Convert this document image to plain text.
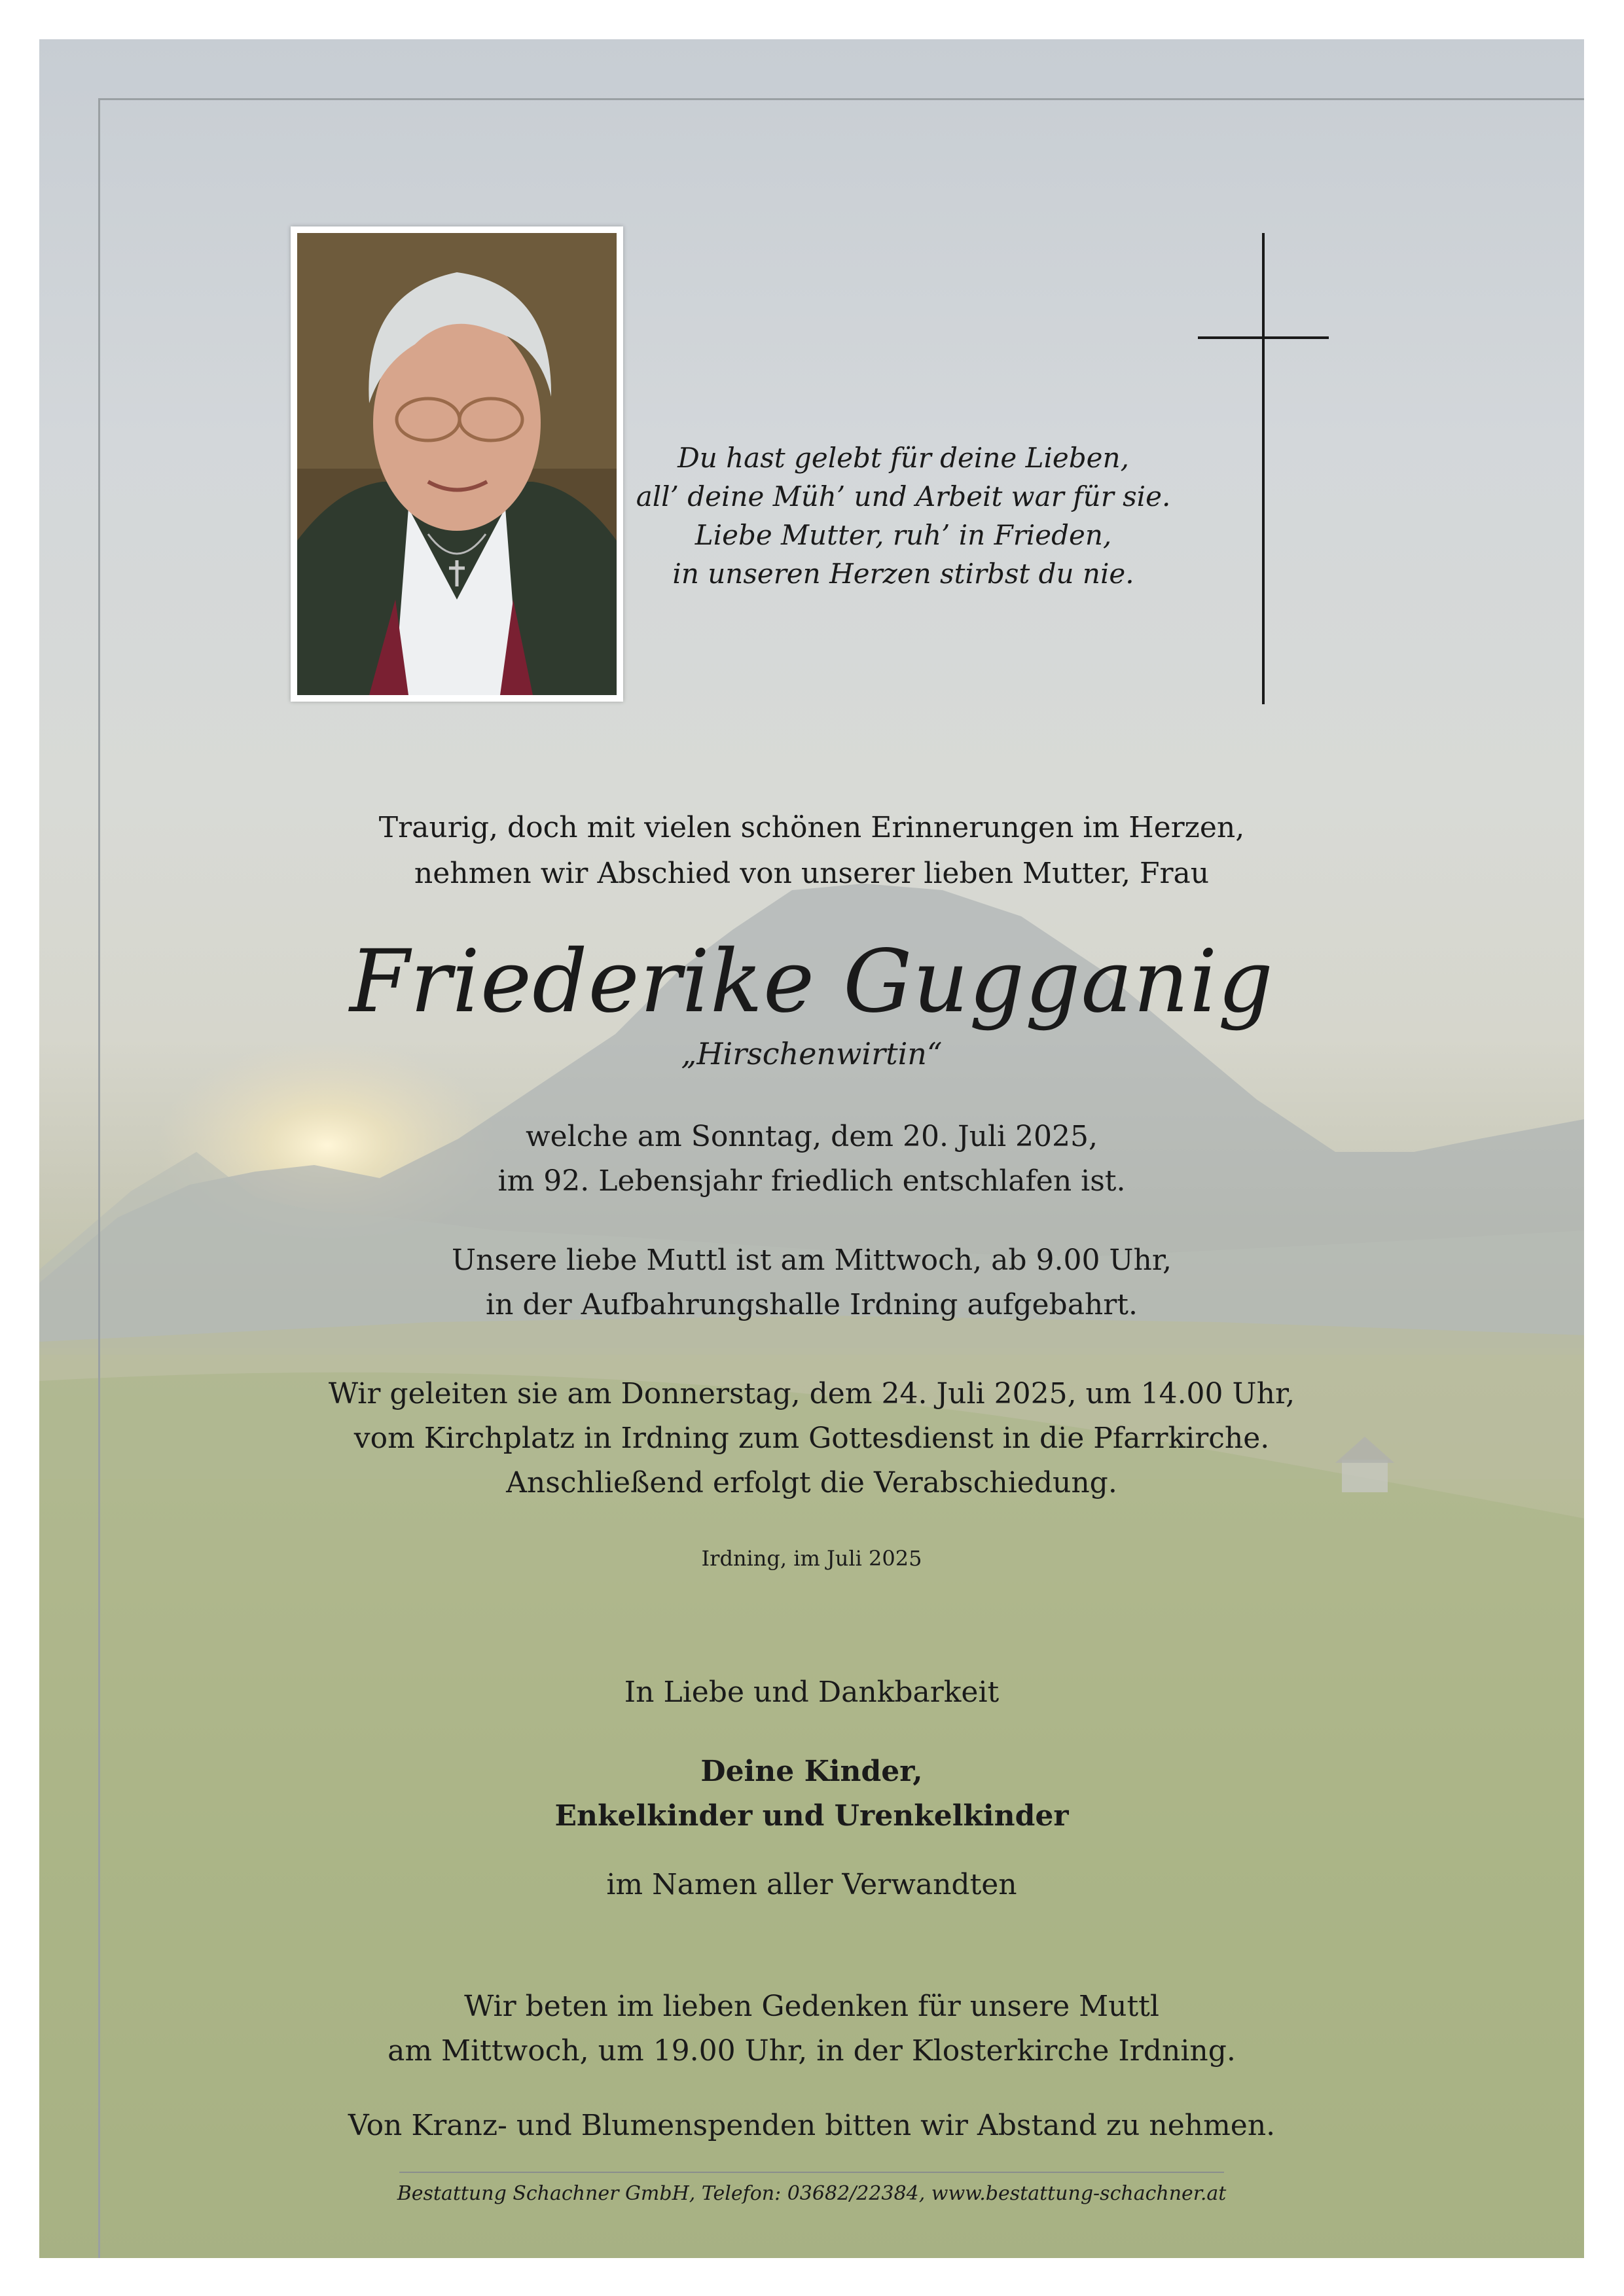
Du hast gelebt für deine Lieben,
all’ deine Müh’ und Arbeit war für sie.
Liebe Mutter, ruh’ in Frieden,
in unseren Herzen stirbst du nie.
Traurig, doch mit vielen schönen Erinnerungen im Herzen,
nehmen wir Abschied von unserer lieben Mutter, Frau
Friederike Gugganig
„Hirschenwirtin“
welche am Sonntag, dem 20. Juli 2025,
im 92. Lebensjahr friedlich entschlafen ist.
Unsere liebe Muttl ist am Mittwoch, ab 9.00 Uhr,
in der Aufbahrungshalle Irdning aufgebahrt.
Wir geleiten sie am Donnerstag, dem 24. Juli 2025, um 14.00 Uhr,
vom Kirchplatz in Irdning zum Gottesdienst in die Pfarrkirche.
Anschließend erfolgt die Verabschiedung.
Irdning, im Juli 2025
In Liebe und Dankbarkeit
Deine Kinder,
Enkelkinder und Urenkelkinder
im Namen aller Verwandten
Wir beten im lieben Gedenken für unsere Muttl
am Mittwoch, um 19.00 Uhr, in der Klosterkirche Irdning.
Von Kranz- und Blumenspenden bitten wir Abstand zu nehmen.
Bestattung Schachner GmbH, Telefon: 03682/22384, www.bestattung-schachner.at
